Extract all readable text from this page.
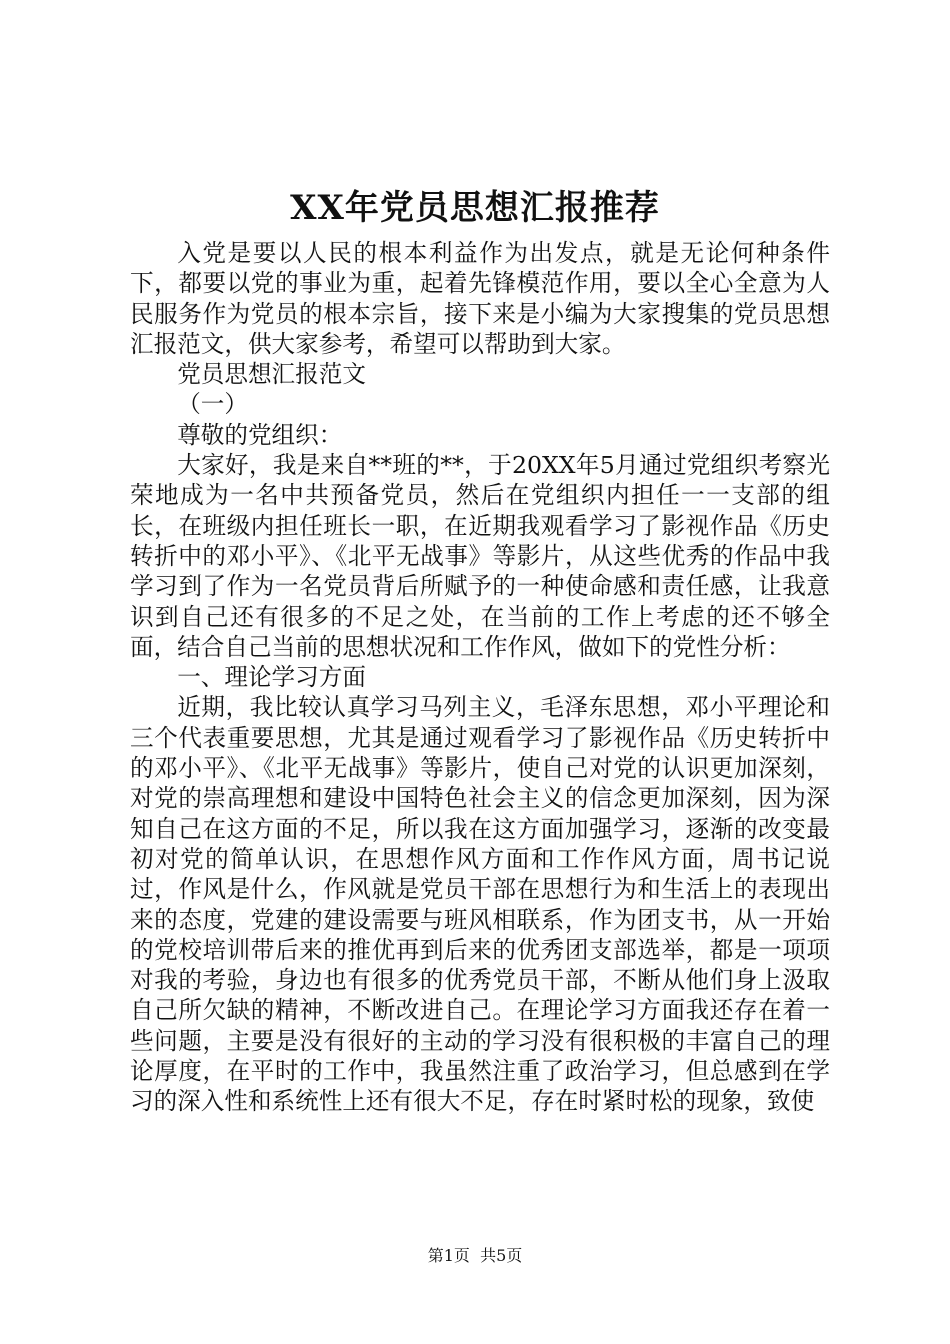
XX年党员思想汇报推荐

入党是要以人民的根本利益作为出发点，就是无论何种条件下，都要以党的事业为重，起着先锋模范作用，要以全心全意为人民服务作为党员的根本宗旨，接下来是小编为大家搜集的党员思想汇报范文，供大家参考，希望可以帮助到大家。

党员思想汇报范文

（一）

尊敬的党组织：

大家好，我是来自**班的**，于20XX年5月通过党组织考察光荣地成为一名中共预备党员，然后在党组织内担任一一支部的组长，在班级内担任班长一职，在近期我观看学习了影视作品《历史转折中的邓小平》、《北平无战事》等影片，从这些优秀的作品中我学习到了作为一名党员背后所赋予的一种使命感和责任感，让我意识到自己还有很多的不足之处，在当前的工作上考虑的还不够全面，结合自己当前的思想状况和工作作风，做如下的党性分析：

一、理论学习方面

近期，我比较认真学习马列主义，毛泽东思想，邓小平理论和三个代表重要思想，尤其是通过观看学习了影视作品《历史转折中的邓小平》、《北平无战事》等影片，使自己对党的认识更加深刻，对党的崇高理想和建设中国特色社会主义的信念更加深刻，因为深知自己在这方面的不足，所以我在这方面加强学习，逐渐的改变最初对党的简单认识，在思想作风方面和工作作风方面，周书记说过，作风是什么，作风就是党员干部在思想行为和生活上的表现出来的态度，党建的建设需要与班风相联系，作为团支书，从一开始的党校培训带后来的推优再到后来的优秀团支部选举，都是一项项对我的考验，身边也有很多的优秀党员干部，不断从他们身上汲取自己所欠缺的精神，不断改进自己。在理论学习方面我还存在着一些问题，主要是没有很好的主动的学习没有很积极的丰富自己的理论厚度，在平时的工作中，我虽然注重了政治学习，但总感到在学习的深入性和系统性上还有很大不足，存在时紧时松的现象，致使

第1页 共5页
